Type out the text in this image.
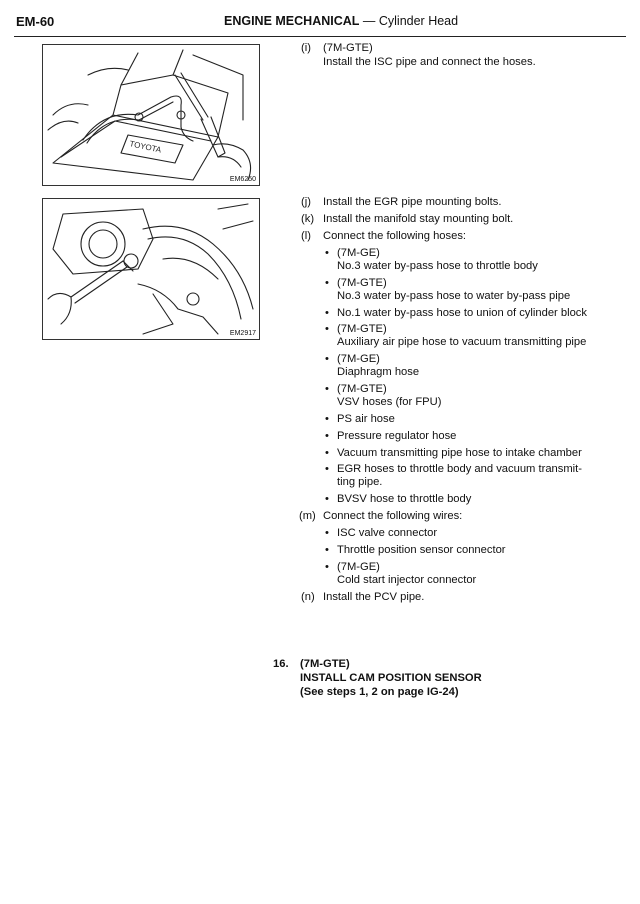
EM-60	ENGINE MECHANICAL — Cylinder Head
TOYOTA
EM6250
EM2917
(i) (7M-GTE)
Install the ISC pipe and connect the hoses.
(j) Install the EGR pipe mounting bolts.
(k) Install the manifold stay mounting bolt.
(l) Connect the following hoses:
• (7M-GE)
No.3 water by-pass hose to throttle body
• (7M-GTE)
No.3 water by-pass hose to water by-pass pipe
• No.1 water by-pass hose to union of cylinder block
• (7M-GTE)
Auxiliary air pipe hose to vacuum transmitting pipe
• (7M-GE)
Diaphragm hose
• (7M-GTE)
VSV hoses (for FPU)
• PS air hose
• Pressure regulator hose
• Vacuum transmitting pipe hose to intake chamber
• EGR hoses to throttle body and vacuum transmit-
ting pipe.
• BVSV hose to throttle body
(m) Connect the following wires:
• ISC valve connector
• Throttle position sensor connector
• (7M-GE)
Cold start injector connector
(n) Install the PCV pipe.
16. (7M-GTE)
INSTALL CAM POSITION SENSOR
(See steps 1, 2 on page IG-24)
